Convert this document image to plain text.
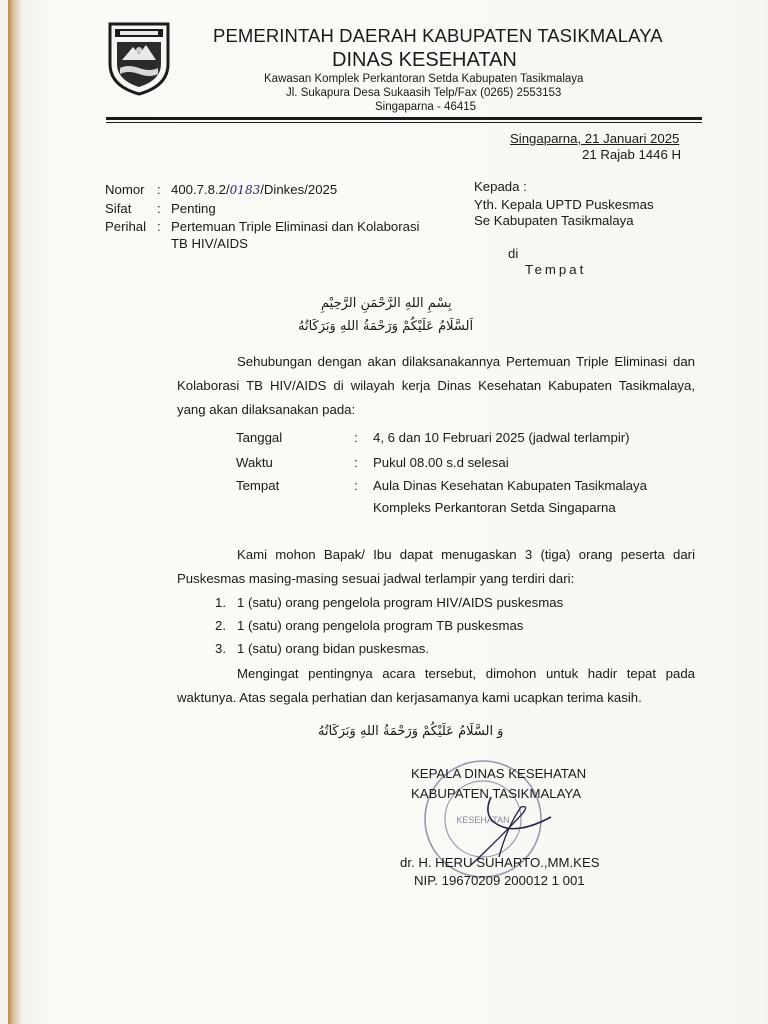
PEMERINTAH DAERAH KABUPATEN TASIKMALAYA
DINAS KESEHATAN
Kawasan Komplek Perkantoran Setda Kabupaten Tasikmalaya
Jl. Sukapura Desa Sukaasih Telp/Fax (0265) 2553153
Singaparna - 46415
Singaparna, 21 Januari 2025
21 Rajab 1446 H
Nomor : 400.7.8.2/0183/Dinkes/2025
Sifat : Penting
Perihal : Pertemuan Triple Eliminasi dan Kolaborasi
TB HIV/AIDS
Kepada :
Yth. Kepala UPTD Puskesmas
Se Kabupaten Tasikmalaya
di
Tempat
بِسْمِ اللهِ الرَّحْمَنِ الرَّحِيْمِ
اَلسَّلَامُ عَلَيْكُمْ وَرَحْمَةُ اللهِ وَبَرَكَاتُهُ
Sehubungan dengan akan dilaksanakannya Pertemuan Triple Eliminasi dan Kolaborasi TB HIV/AIDS di wilayah kerja Dinas Kesehatan Kabupaten Tasikmalaya, yang akan dilaksanakan pada:
Tanggal	: 4, 6 dan 10 Februari 2025 (jadwal terlampir)
Waktu	: Pukul 08.00 s.d selesai
Tempat	: Aula Dinas Kesehatan Kabupaten Tasikmalaya
Kompleks Perkantoran Setda Singaparna
Kami mohon Bapak/ Ibu dapat menugaskan 3 (tiga) orang peserta dari Puskesmas masing-masing sesuai jadwal terlampir yang terdiri dari:
1. 1 (satu) orang pengelola program HIV/AIDS puskesmas
2. 1 (satu) orang pengelola program TB puskesmas
3. 1 (satu) orang bidan puskesmas.
Mengingat pentingnya acara tersebut, dimohon untuk hadir tepat pada waktunya. Atas segala perhatian dan kerjasamanya kami ucapkan terima kasih.
وَ السَّلَامُ عَلَيْكُمْ وَرَحْمَةُ اللهِ وَبَرَكَاتُهُ
KESEHATAN
KEPALA DINAS KESEHATAN
KABUPATEN TASIKMALAYA
dr. H. HERU SUHARTO.,MM.KES
NIP. 19670209 200012 1 001
